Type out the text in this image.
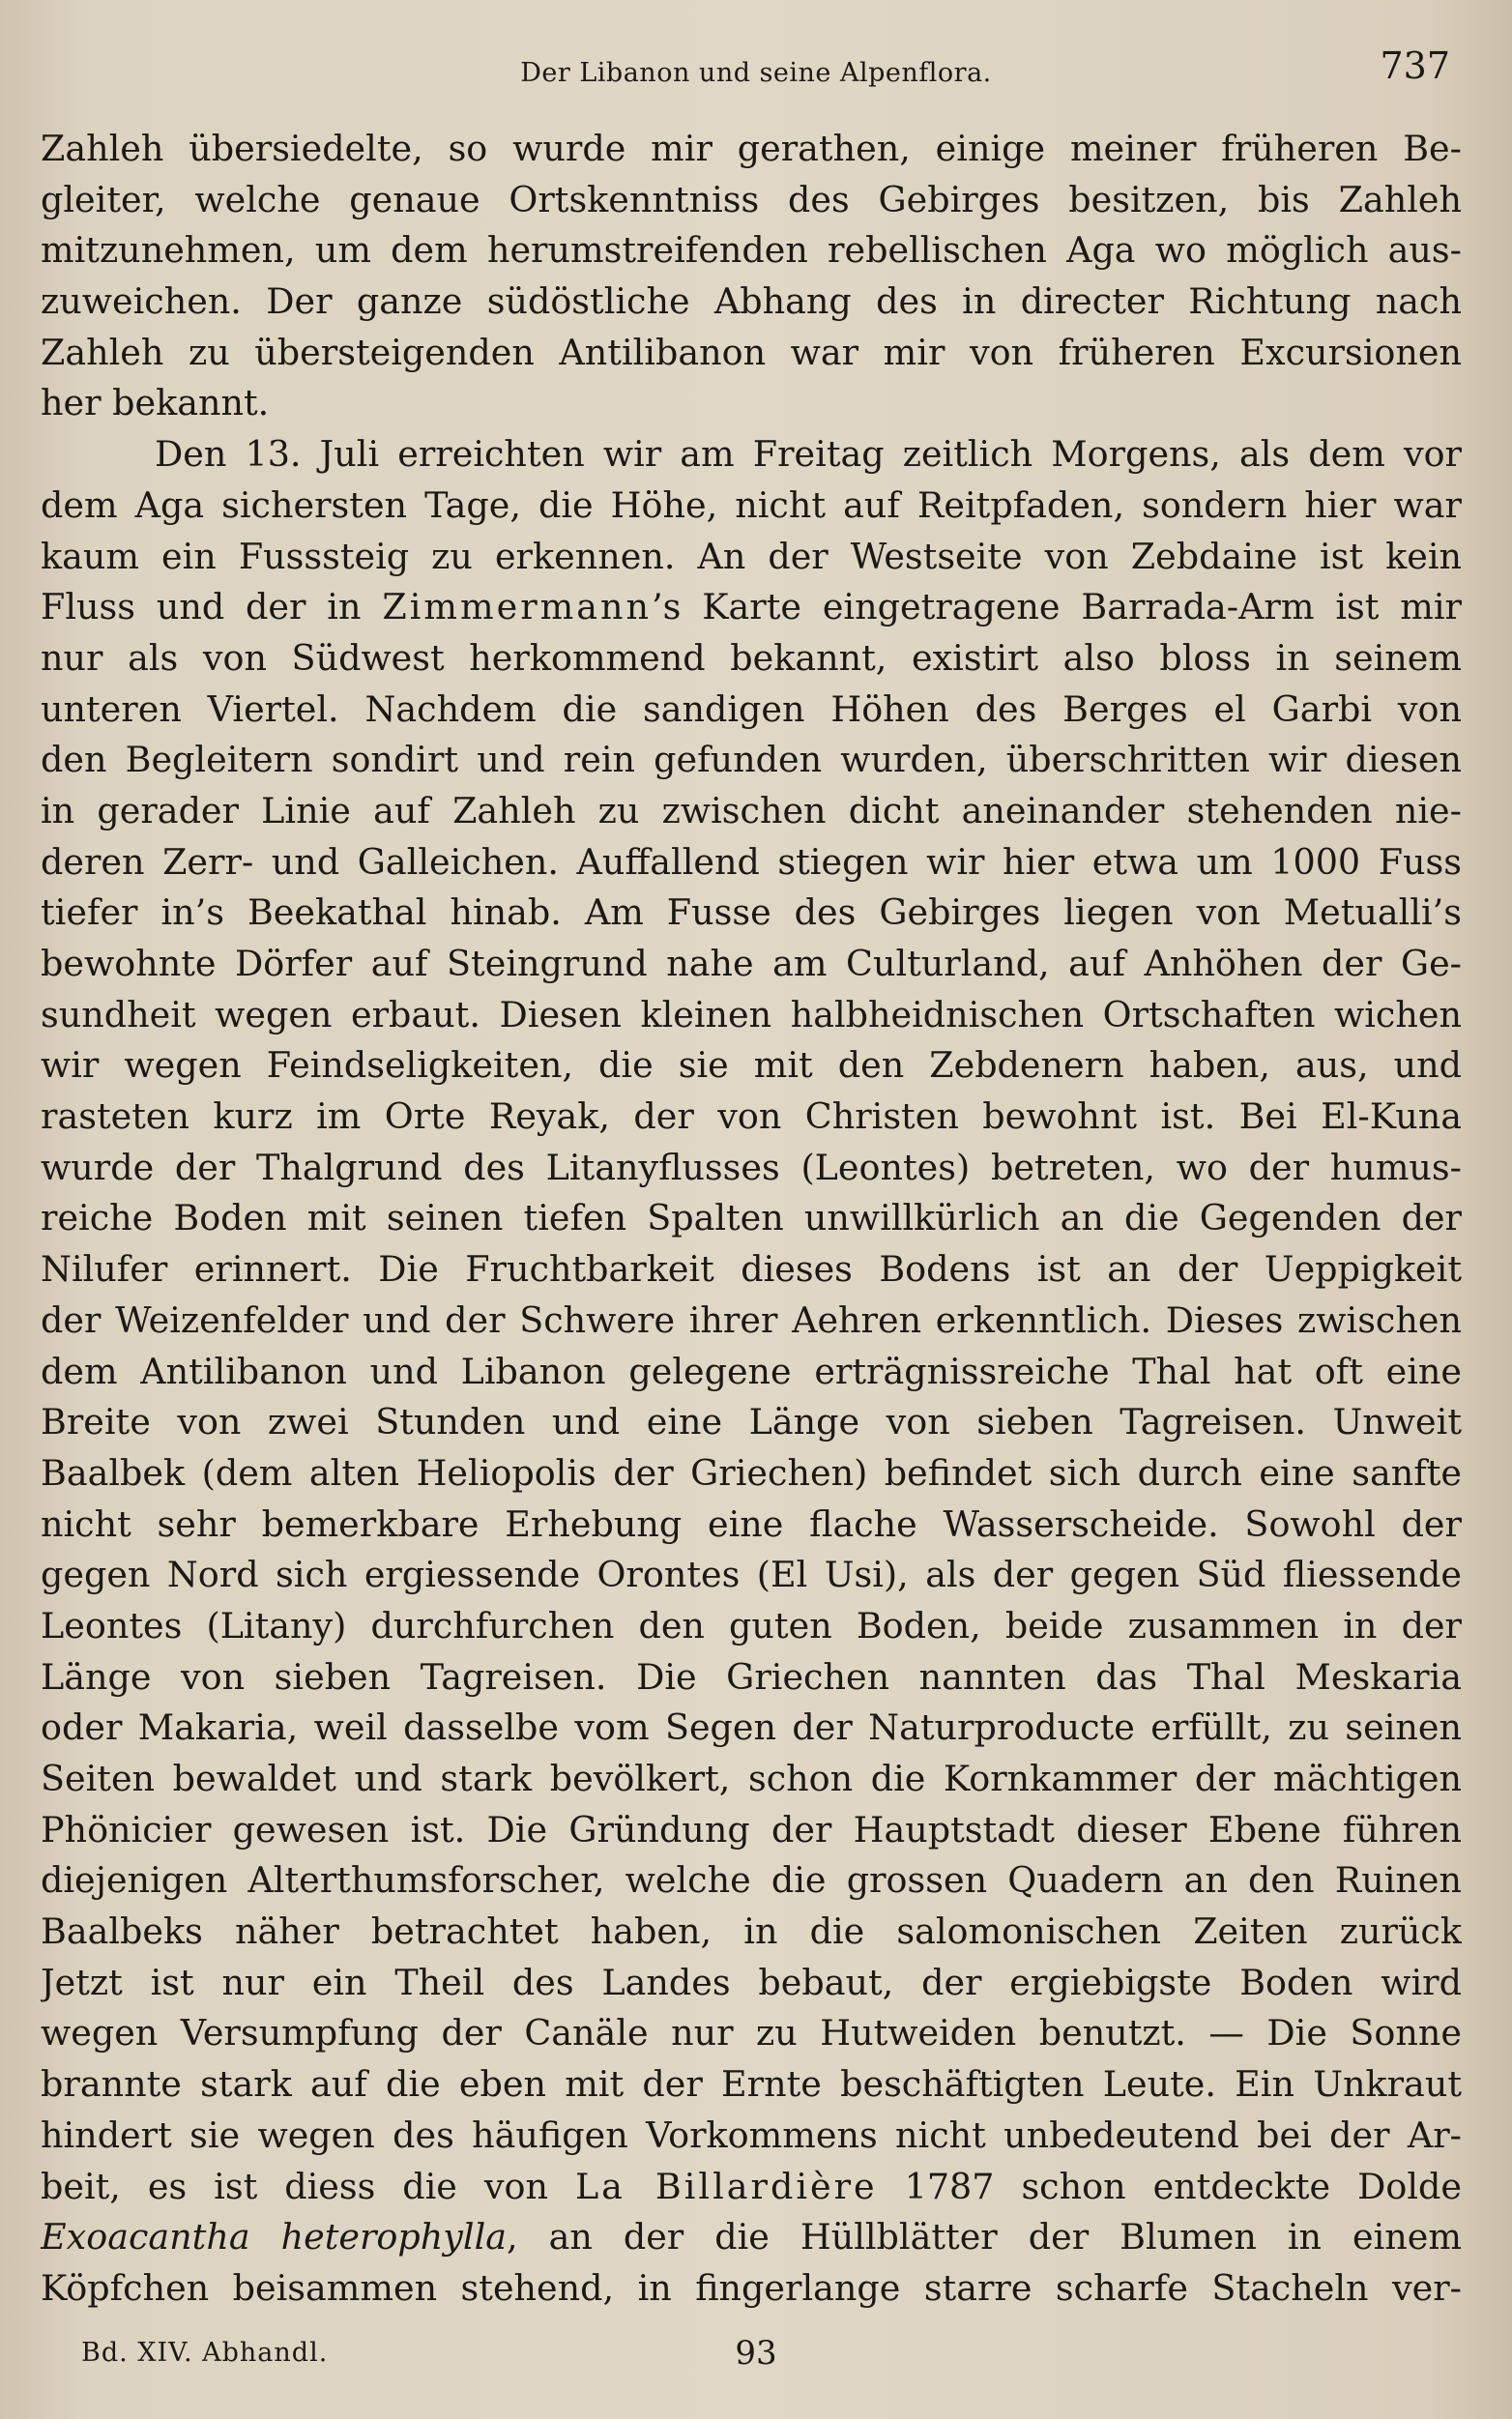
Der Libanon und seine Alpenflora.	737
Zahleh übersiedelte, so wurde mir gerathen, einige meiner früheren Be-
gleiter, welche genaue Ortskenntniss des Gebirges besitzen, bis Zahleh
mitzunehmen, um dem herumstreifenden rebellischen Aga wo möglich aus-
zuweichen. Der ganze südöstliche Abhang des in directer Richtung nach
Zahleh zu übersteigenden Antilibanon war mir von früheren Excursionen
her bekannt.
Den 13. Juli erreichten wir am Freitag zeitlich Morgens, als dem vor
dem Aga sichersten Tage, die Höhe, nicht auf Reitpfaden, sondern hier war
kaum ein Fusssteig zu erkennen. An der Westseite von Zebdaine ist kein
Fluss und der in Zimmermann’s Karte eingetragene Barrada-Arm ist mir
nur als von Südwest herkommend bekannt, existirt also bloss in seinem
unteren Viertel. Nachdem die sandigen Höhen des Berges el Garbi von
den Begleitern sondirt und rein gefunden wurden, überschritten wir diesen
in gerader Linie auf Zahleh zu zwischen dicht aneinander stehenden nie-
deren Zerr- und Galleichen. Auffallend stiegen wir hier etwa um 1000 Fuss
tiefer in’s Beekathal hinab. Am Fusse des Gebirges liegen von Metualli’s
bewohnte Dörfer auf Steingrund nahe am Culturland, auf Anhöhen der Ge-
sundheit wegen erbaut. Diesen kleinen halbheidnischen Ortschaften wichen
wir wegen Feindseligkeiten, die sie mit den Zebdenern haben, aus, und
rasteten kurz im Orte Reyak, der von Christen bewohnt ist. Bei El-Kuna
wurde der Thalgrund des Litanyflusses (Leontes) betreten, wo der humus-
reiche Boden mit seinen tiefen Spalten unwillkürlich an die Gegenden der
Nilufer erinnert. Die Fruchtbarkeit dieses Bodens ist an der Ueppigkeit
der Weizenfelder und der Schwere ihrer Aehren erkenntlich. Dieses zwischen
dem Antilibanon und Libanon gelegene erträgnissreiche Thal hat oft eine
Breite von zwei Stunden und eine Länge von sieben Tagreisen. Unweit
Baalbek (dem alten Heliopolis der Griechen) befindet sich durch eine sanfte
nicht sehr bemerkbare Erhebung eine flache Wasserscheide. Sowohl der
gegen Nord sich ergiessende Orontes (El Usi), als der gegen Süd fliessende
Leontes (Litany) durchfurchen den guten Boden, beide zusammen in der
Länge von sieben Tagreisen. Die Griechen nannten das Thal Meskaria
oder Makaria, weil dasselbe vom Segen der Naturproducte erfüllt, zu seinen
Seiten bewaldet und stark bevölkert, schon die Kornkammer der mächtigen
Phönicier gewesen ist. Die Gründung der Hauptstadt dieser Ebene führen
diejenigen Alterthumsforscher, welche die grossen Quadern an den Ruinen
Baalbeks näher betrachtet haben, in die salomonischen Zeiten zurück
Jetzt ist nur ein Theil des Landes bebaut, der ergiebigste Boden wird
wegen Versumpfung der Canäle nur zu Hutweiden benutzt. — Die Sonne
brannte stark auf die eben mit der Ernte beschäftigten Leute. Ein Unkraut
hindert sie wegen des häufigen Vorkommens nicht unbedeutend bei der Ar-
beit, es ist diess die von La Billardière 1787 schon entdeckte Dolde
Exoacantha heterophylla, an der die Hüllblätter der Blumen in einem
Köpfchen beisammen stehend, in fingerlange starre scharfe Stacheln ver-
Bd. XIV. Abhandl.	93
